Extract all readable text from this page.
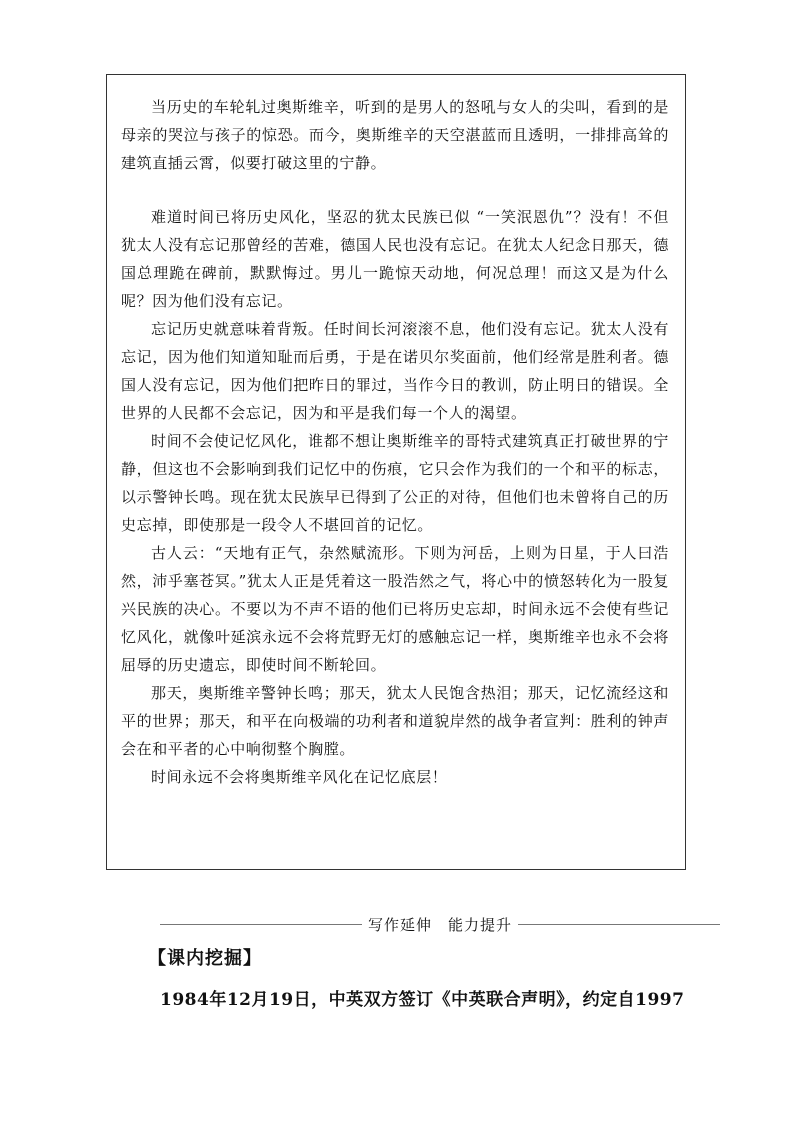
当历史的车轮轧过奥斯维辛，听到的是男人的怒吼与女人的尖叫，看到的是母亲的哭泣与孩子的惊恐。而今，奥斯维辛的天空湛蓝而且透明，一排排高耸的建筑直插云霄，似要打破这里的宁静。

难道时间已将历史风化，坚忍的犹太民族已似 “一笑泯恩仇”？没有！不但犹太人没有忘记那曾经的苦难，德国人民也没有忘记。在犹太人纪念日那天，德国总理跪在碑前，默默悔过。男儿一跪惊天动地，何况总理！而这又是为什么呢？因为他们没有忘记。

忘记历史就意味着背叛。任时间长河滚滚不息，他们没有忘记。犹太人没有忘记，因为他们知道知耻而后勇，于是在诺贝尔奖面前，他们经常是胜利者。德国人没有忘记，因为他们把昨日的罪过，当作今日的教训，防止明日的错误。全世界的人民都不会忘记，因为和平是我们每一个人的渴望。

时间不会使记忆风化，谁都不想让奥斯维辛的哥特式建筑真正打破世界的宁静，但这也不会影响到我们记忆中的伤痕，它只会作为我们的一个和平的标志，以示警钟长鸣。现在犹太民族早已得到了公正的对待，但他们也未曾将自己的历史忘掉，即使那是一段令人不堪回首的记忆。

古人云：“天地有正气，杂然赋流形。下则为河岳，上则为日星，于人曰浩然，沛乎塞苍冥。”犹太人正是凭着这一股浩然之气，将心中的愤怒转化为一股复兴民族的决心。不要以为不声不语的他们已将历史忘却，时间永远不会使有些记忆风化，就像叶延滨永远不会将荒野无灯的感触忘记一样，奥斯维辛也永不会将屈辱的历史遗忘，即使时间不断轮回。

那天，奥斯维辛警钟长鸣；那天，犹太人民饱含热泪；那天，记忆流经这和平的世界；那天，和平在向极端的功利者和道貌岸然的战争者宣判：胜利的钟声会在和平者的心中响彻整个胸膛。

时间永远不会将奥斯维辛风化在记忆底层！

写作延伸　能力提升
【课内挖掘】
1984年12月19日，中英双方签订《中英联合声明》，约定自1997
